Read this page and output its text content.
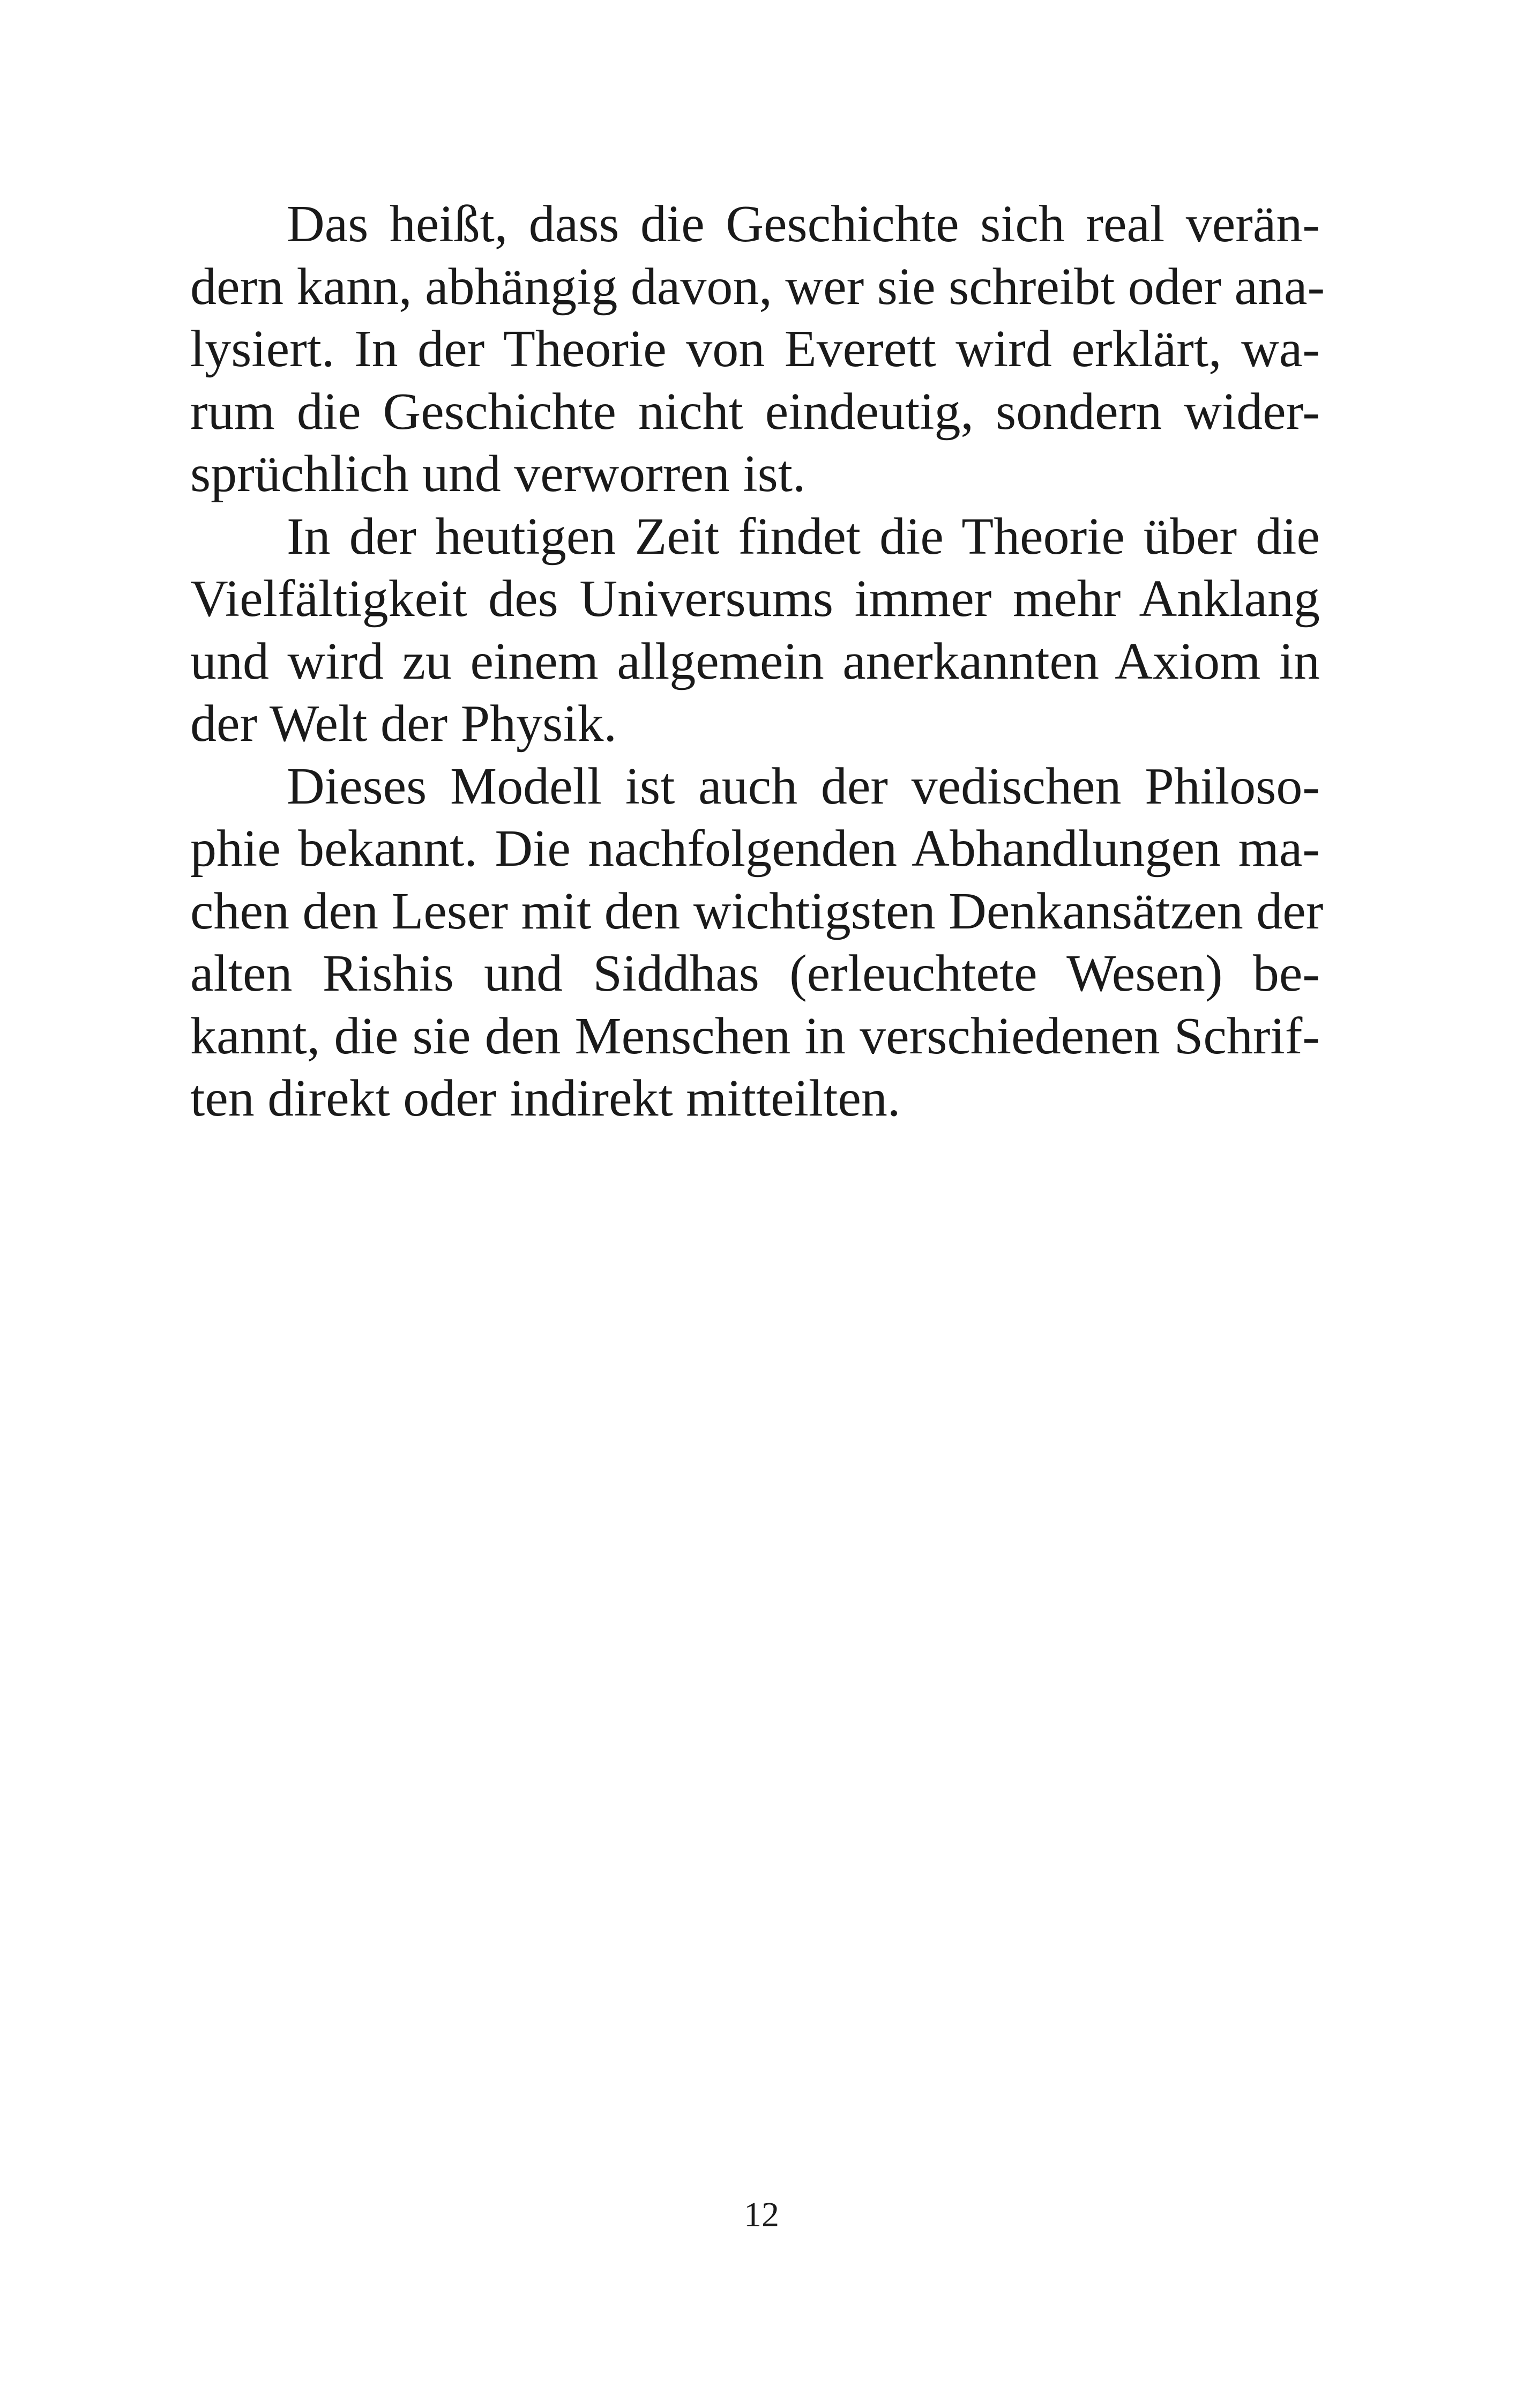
Das heißt, dass die Geschichte sich real verän-
dern kann, abhängig davon, wer sie schreibt oder ana-
lysiert. In der Theorie von Everett wird erklärt, wa-
rum die Geschichte nicht eindeutig, sondern wider-
sprüchlich und verworren ist.
In der heutigen Zeit findet die Theorie über die
Vielfältigkeit des Universums immer mehr Anklang
und wird zu einem allgemein anerkannten Axiom in
der Welt der Physik.
Dieses Modell ist auch der vedischen Philoso-
phie bekannt. Die nachfolgenden Abhandlungen ma-
chen den Leser mit den wichtigsten Denkansätzen der
alten Rishis und Siddhas (erleuchtete Wesen) be-
kannt, die sie den Menschen in verschiedenen Schrif-
ten direkt oder indirekt mitteilten.
12
